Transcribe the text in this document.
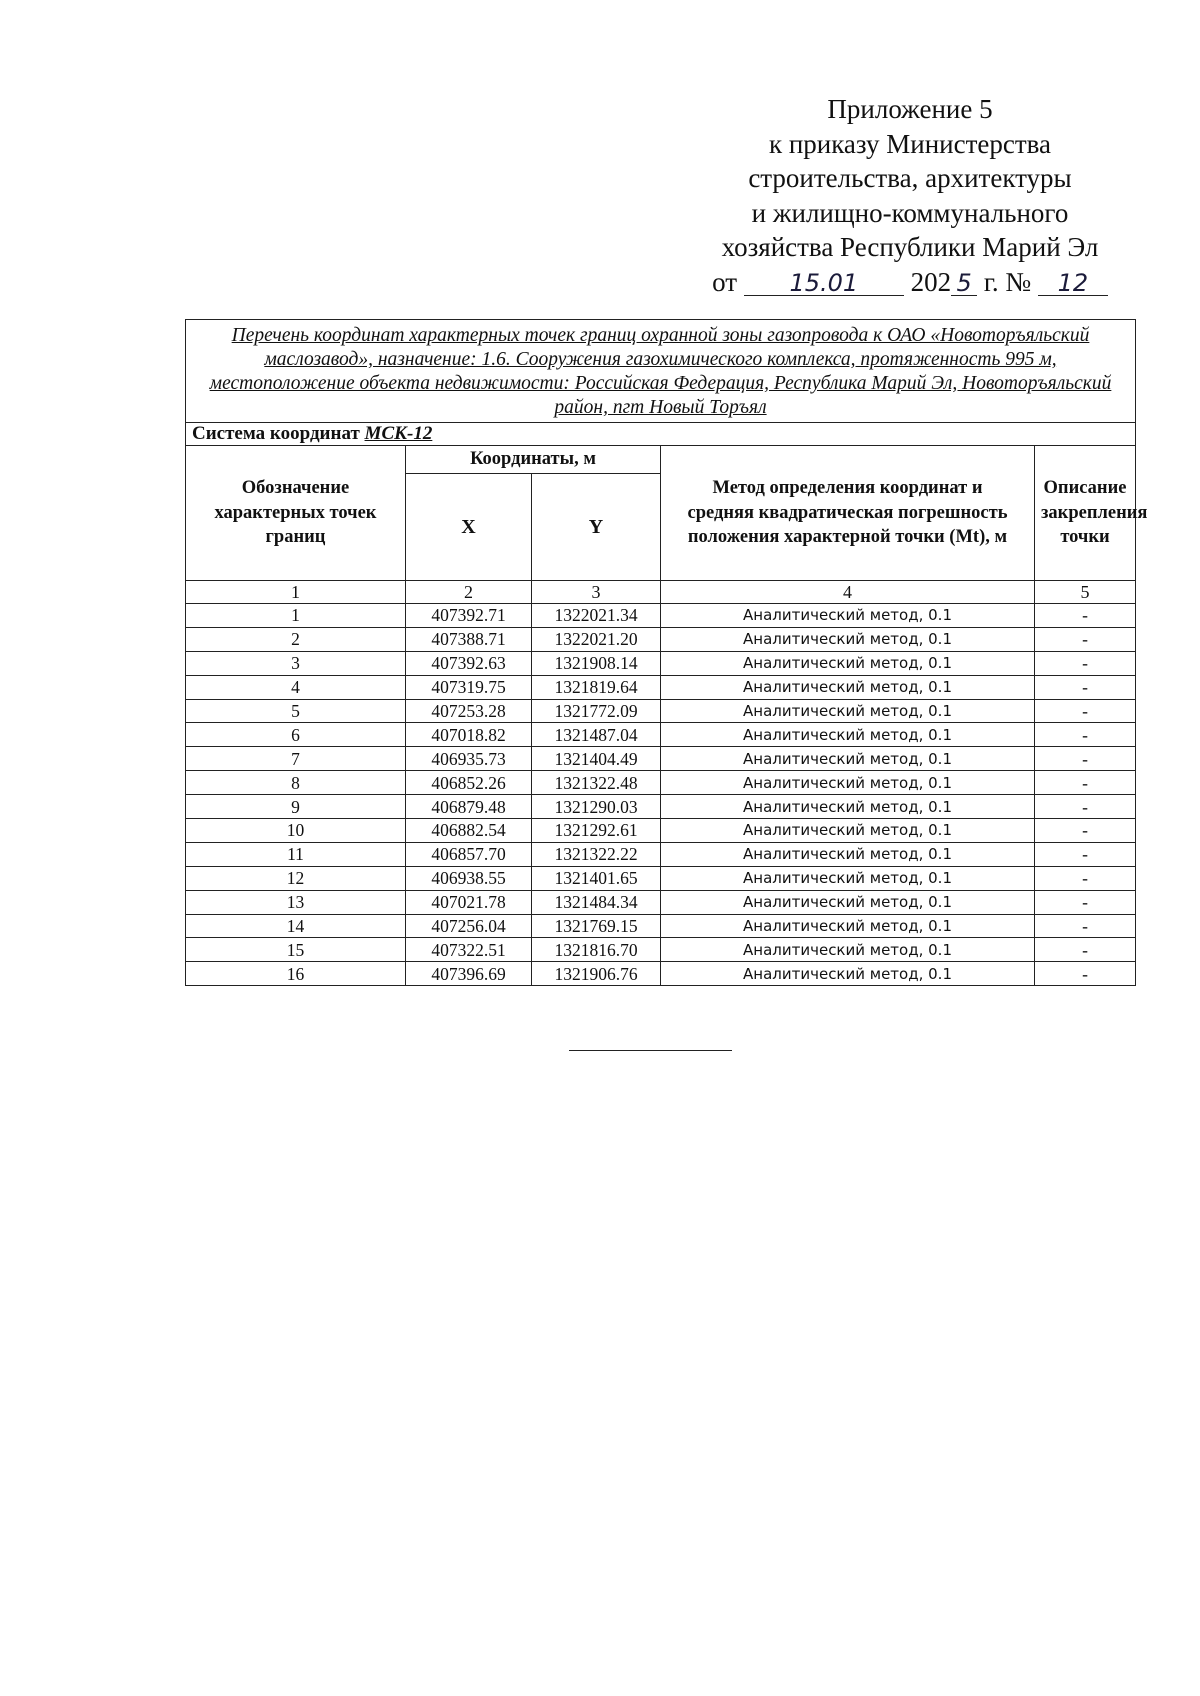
Приложение 5
к приказу Министерства
строительства, архитектуры
и жилищно-коммунального
хозяйства Республики Марий Эл
от 15.01 202 5 г. № 12
Перечень координат характерных точек границ охранной зоны газопровода к ОАО «Новоторъяльский маслозавод», назначение: 1.6. Сооружения газохимического комплекса, протяженность 995 м, местоположение объекта недвижимости: Российская Федерация, Республика Марий Эл, Новоторъяльский район, пгт Новый Торъял				
Система координат МСК-12				
Обозначение характерных точек границ	Координаты, м		Метод определения координат и средняя квадратическая погрешность положения характерной точки (Mt), м	Описание закрепления точки
	X	Y		
1	2	3	4	5
1	407392.71	1322021.34	Аналитический метод, 0.1	-
2	407388.71	1322021.20	Аналитический метод, 0.1	-
3	407392.63	1321908.14	Аналитический метод, 0.1	-
4	407319.75	1321819.64	Аналитический метод, 0.1	-
5	407253.28	1321772.09	Аналитический метод, 0.1	-
6	407018.82	1321487.04	Аналитический метод, 0.1	-
7	406935.73	1321404.49	Аналитический метод, 0.1	-
8	406852.26	1321322.48	Аналитический метод, 0.1	-
9	406879.48	1321290.03	Аналитический метод, 0.1	-
10	406882.54	1321292.61	Аналитический метод, 0.1	-
11	406857.70	1321322.22	Аналитический метод, 0.1	-
12	406938.55	1321401.65	Аналитический метод, 0.1	-
13	407021.78	1321484.34	Аналитический метод, 0.1	-
14	407256.04	1321769.15	Аналитический метод, 0.1	-
15	407322.51	1321816.70	Аналитический метод, 0.1	-
16	407396.69	1321906.76	Аналитический метод, 0.1	-
